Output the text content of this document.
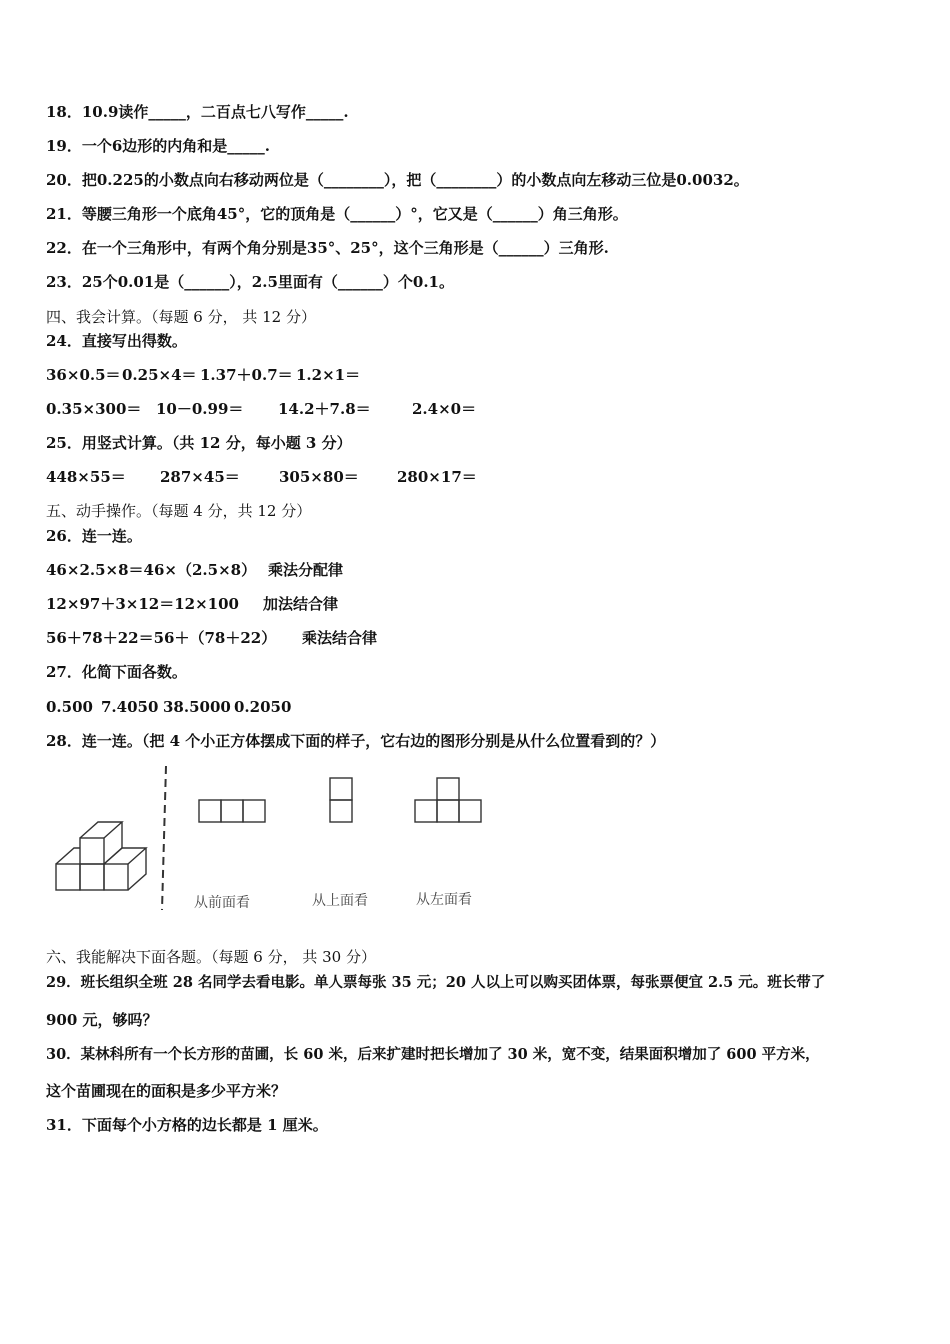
18．10.9读作_____，二百点七八写作_____.
19．一个6边形的内角和是_____.
20．把0.225的小数点向右移动两位是（________），把（________）的小数点向左移动三位是0.0032。
21．等腰三角形一个底角45°，它的顶角是（______）°，它又是（______）角三角形。
22．在一个三角形中，有两个角分别是35°、25°，这个三角形是（______）三角形.
23．25个0.01是（______），2.5里面有（______）个0.1。
四、我会计算。（每题 6 分， 共 12 分）
24．直接写出得数。
36×0.5＝ 0.25×4＝ 1.37＋0.7＝ 1.2×1＝
0.35×300＝ 10－0.99＝ 14.2＋7.8＝	2.4×0＝
25．用竖式计算。（共 12 分，每小题 3 分）
448×55＝ 287×45＝	305×80＝	280×17＝
五、动手操作。（每题 4 分，共 12 分）
26．连一连。
46×2.5×8＝46×（2.5×8） 乘法分配律
12×97＋3×12＝12×100 加法结合律
56＋78＋22＝56＋（78＋22） 乘法结合律
27．化简下面各数。
0.500 7.4050 38.5000 0.2050
28．连一连。（把 4 个小正方体摆成下面的样子，它右边的图形分别是从什么位置看到的？）
从前面看	从上面看	从左面看
六、我能解决下面各题。（每题 6 分， 共 30 分）
29．班长组织全班 28 名同学去看电影。单人票每张 35 元；20 人以上可以购买团体票，每张票便宜 2.5 元。班长带了
900 元，够吗？
30．某林科所有一个长方形的苗圃，长 60 米，后来扩建时把长增加了 30 米，宽不变，结果面积增加了 600 平方米，
这个苗圃现在的面积是多少平方米？
31．下面每个小方格的边长都是 1 厘米。
